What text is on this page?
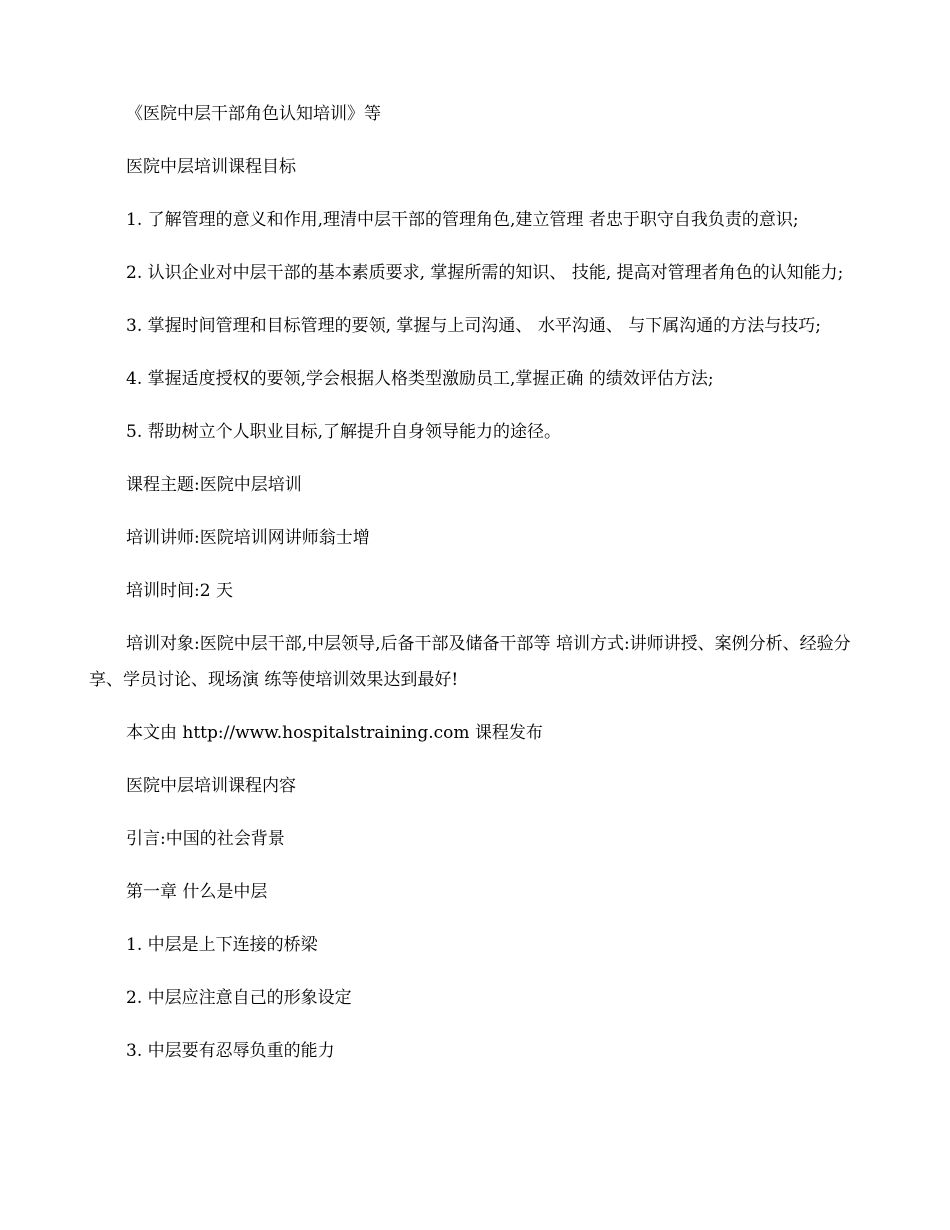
《医院中层干部角色认知培训》等

医院中层培训课程目标

1. 了解管理的意义和作用,理清中层干部的管理角色,建立管理 者忠于职守自我负责的意识;

2. 认识企业对中层干部的基本素质要求, 掌握所需的知识、 技能, 提高对管理者角色的认知能力;

3. 掌握时间管理和目标管理的要领, 掌握与上司沟通、 水平沟通、 与下属沟通的方法与技巧;

4. 掌握适度授权的要领,学会根据人格类型激励员工,掌握正确 的绩效评估方法;

5. 帮助树立个人职业目标,了解提升自身领导能力的途径。

课程主题:医院中层培训

培训讲师:医院培训网讲师翁士增

培训时间:2 天

培训对象:医院中层干部,中层领导,后备干部及储备干部等 培训方式:讲师讲授、案例分析、经验分享、学员讨论、现场演 练等使培训效果达到最好!

本文由 http://www.hospitalstraining.com 课程发布

医院中层培训课程内容

引言:中国的社会背景

第一章 什么是中层

1. 中层是上下连接的桥梁

2. 中层应注意自己的形象设定

3. 中层要有忍辱负重的能力
